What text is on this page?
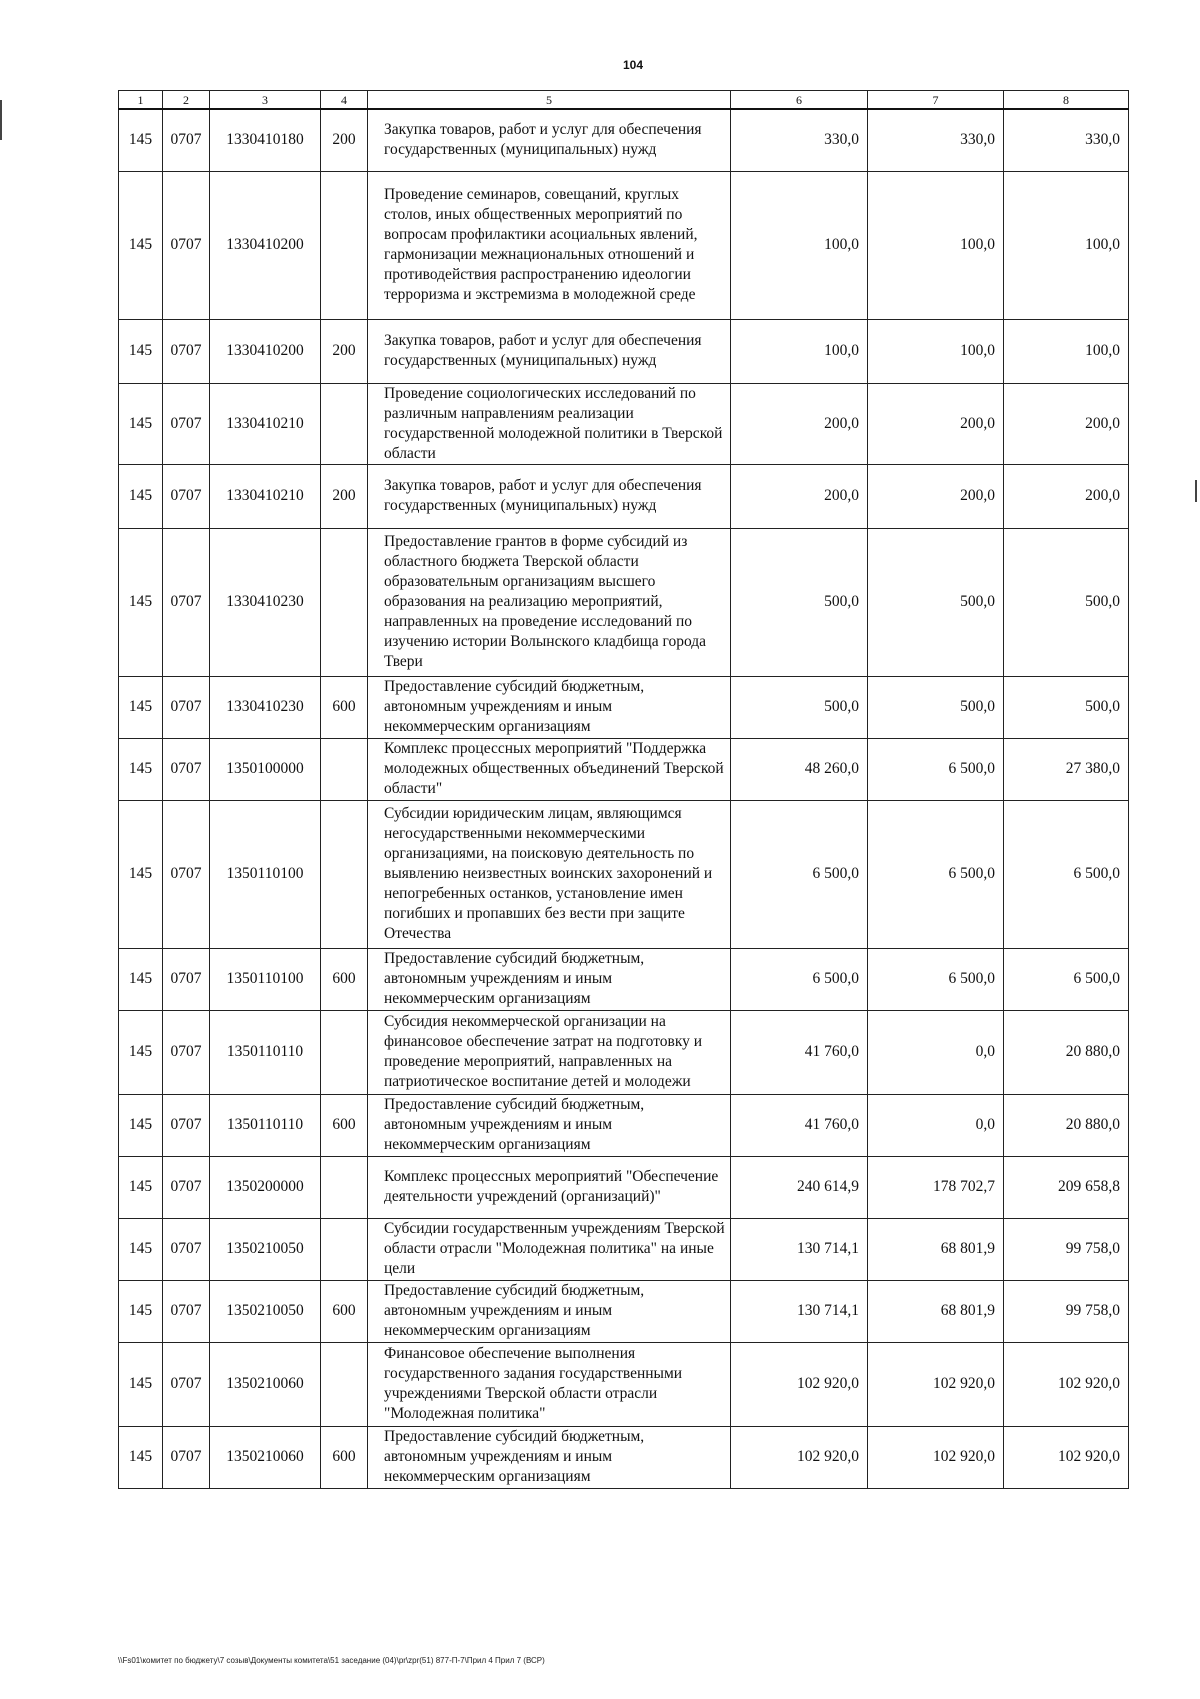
104
1	2	3	4	5	6	7	8
145	0707	1330410180	200	Закупка товаров, работ и услуг для обеспечения государственных (муниципальных) нужд	330,0	330,0	330,0
145	0707	1330410200		Проведение семинаров, совещаний, круглых столов, иных общественных мероприятий по вопросам профилактики асоциальных явлений, гармонизации межнациональных отношений и противодействия распространению идеологии терроризма и экстремизма в молодежной среде	100,0	100,0	100,0
145	0707	1330410200	200	Закупка товаров, работ и услуг для обеспечения государственных (муниципальных) нужд	100,0	100,0	100,0
145	0707	1330410210		Проведение социологических исследований по различным направлениям реализации государственной молодежной политики в Тверской области	200,0	200,0	200,0
145	0707	1330410210	200	Закупка товаров, работ и услуг для обеспечения государственных (муниципальных) нужд	200,0	200,0	200,0
145	0707	1330410230		Предоставление грантов в форме субсидий из областного бюджета Тверской области образовательным организациям высшего образования на реализацию мероприятий, направленных на проведение исследований по изучению истории Волынского кладбища города Твери	500,0	500,0	500,0
145	0707	1330410230	600	Предоставление субсидий бюджетным, автономным учреждениям и иным некоммерческим организациям	500,0	500,0	500,0
145	0707	1350100000		Комплекс процессных мероприятий "Поддержка молодежных общественных объединений Тверской области"	48 260,0	6 500,0	27 380,0
145	0707	1350110100		Субсидии юридическим лицам, являющимся негосударственными некоммерческими организациями, на поисковую деятельность по выявлению неизвестных воинских захоронений и непогребенных останков, установление имен погибших и пропавших без вести при защите Отечества	6 500,0	6 500,0	6 500,0
145	0707	1350110100	600	Предоставление субсидий бюджетным, автономным учреждениям и иным некоммерческим организациям	6 500,0	6 500,0	6 500,0
145	0707	1350110110		Субсидия некоммерческой организации на финансовое обеспечение затрат на подготовку и проведение мероприятий, направленных на патриотическое воспитание детей и молодежи	41 760,0	0,0	20 880,0
145	0707	1350110110	600	Предоставление субсидий бюджетным, автономным учреждениям и иным некоммерческим организациям	41 760,0	0,0	20 880,0
145	0707	1350200000		Комплекс процессных мероприятий "Обеспечение деятельности учреждений (организаций)"	240 614,9	178 702,7	209 658,8
145	0707	1350210050		Субсидии государственным учреждениям Тверской области отрасли "Молодежная политика" на иные цели	130 714,1	68 801,9	99 758,0
145	0707	1350210050	600	Предоставление субсидий бюджетным, автономным учреждениям и иным некоммерческим организациям	130 714,1	68 801,9	99 758,0
145	0707	1350210060		Финансовое обеспечение выполнения государственного задания государственными учреждениями Тверской области отрасли "Молодежная политика"	102 920,0	102 920,0	102 920,0
145	0707	1350210060	600	Предоставление субсидий бюджетным, автономным учреждениям и иным некоммерческим организациям	102 920,0	102 920,0	102 920,0
\\Fs01\комитет по бюджету\7 созыв\Документы комитета\51 заседание (04)\pr\zpr(51) 877-П-7\Прил 4 Прил 7 (ВСР)
